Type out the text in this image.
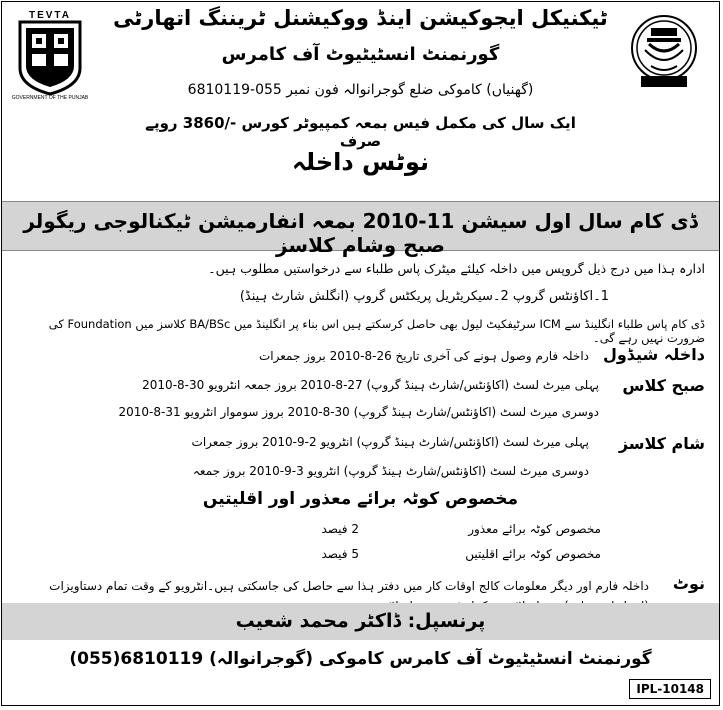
TEVTA
GOVERNMENT OF THE PUNJAB
ٹیکنیکل ایجوکیشن اینڈ ووکیشنل ٹریننگ اتھارٹی
گورنمنٹ انسٹیٹیوٹ آف کامرس
(گھنیاں) کاموکی ضلع گوجرانوالہ فون نمبر 055-6810119
ایک سال کی مکمل فیس بمعہ کمپیوٹر کورس -/3860 روپے صرف
نوٹس داخلہ
ڈی کام سال اول سیشن 11-2010 بمعہ انفارمیشن ٹیکنالوجی ریگولر صبح وشام کلاسز
ادارہ ہذا میں درج ذیل گروپس میں داخلہ کیلئے میٹرک پاس طلباء سے درخواستیں مطلوب ہیں۔
1۔اکاؤنٹس گروپ 2۔سیکریٹریل پریکٹس گروپ (انگلش شارٹ ہینڈ)
ڈی کام پاس طلباء انگلینڈ سے ICM سرٹیفکیٹ لیول بھی حاصل کرسکتے ہیں اس بناء پر انگلینڈ میں BA/BSc کلاسز میں Foundation کی ضرورت نہیں رہے گی۔
داخلہ شیڈول
داخلہ فارم وصول ہونے کی آخری تاریخ 26-8-2010 بروز جمعرات
صبح کلاس
پہلی میرٹ لسٹ (اکاؤنٹس/شارٹ ہینڈ گروپ) 27-8-2010 بروز جمعہ انٹرویو 30-8-2010
دوسری میرٹ لسٹ (اکاؤنٹس/شارٹ ہینڈ گروپ) 30-8-2010 بروز سوموار انٹرویو 31-8-2010
شام کلاسز
پہلی میرٹ لسٹ (اکاؤنٹس/شارٹ ہینڈ گروپ) انٹرویو 2-9-2010 بروز جمعرات
دوسری میرٹ لسٹ (اکاؤنٹس/شارٹ ہینڈ گروپ) انٹرویو 3-9-2010 بروز جمعہ
مخصوص کوٹہ برائے معذور اور اقلیتیں
مخصوص کوٹہ برائے معذور
2 فیصد
مخصوص کوٹہ برائے اقلیتیں
5 فیصد
نوٹ
داخلہ فارم اور دیگر معلومات کالج اوقات کار میں دفتر ہذا سے حاصل کی جاسکتی ہیں۔انٹرویو کے وقت تمام دستاویزات
پرنسپل: ڈاکٹر محمد شعیب
گورنمنٹ انسٹیٹیوٹ آف کامرس کاموکی (گوجرانوالہ) 6810119(055)
IPL-10148
